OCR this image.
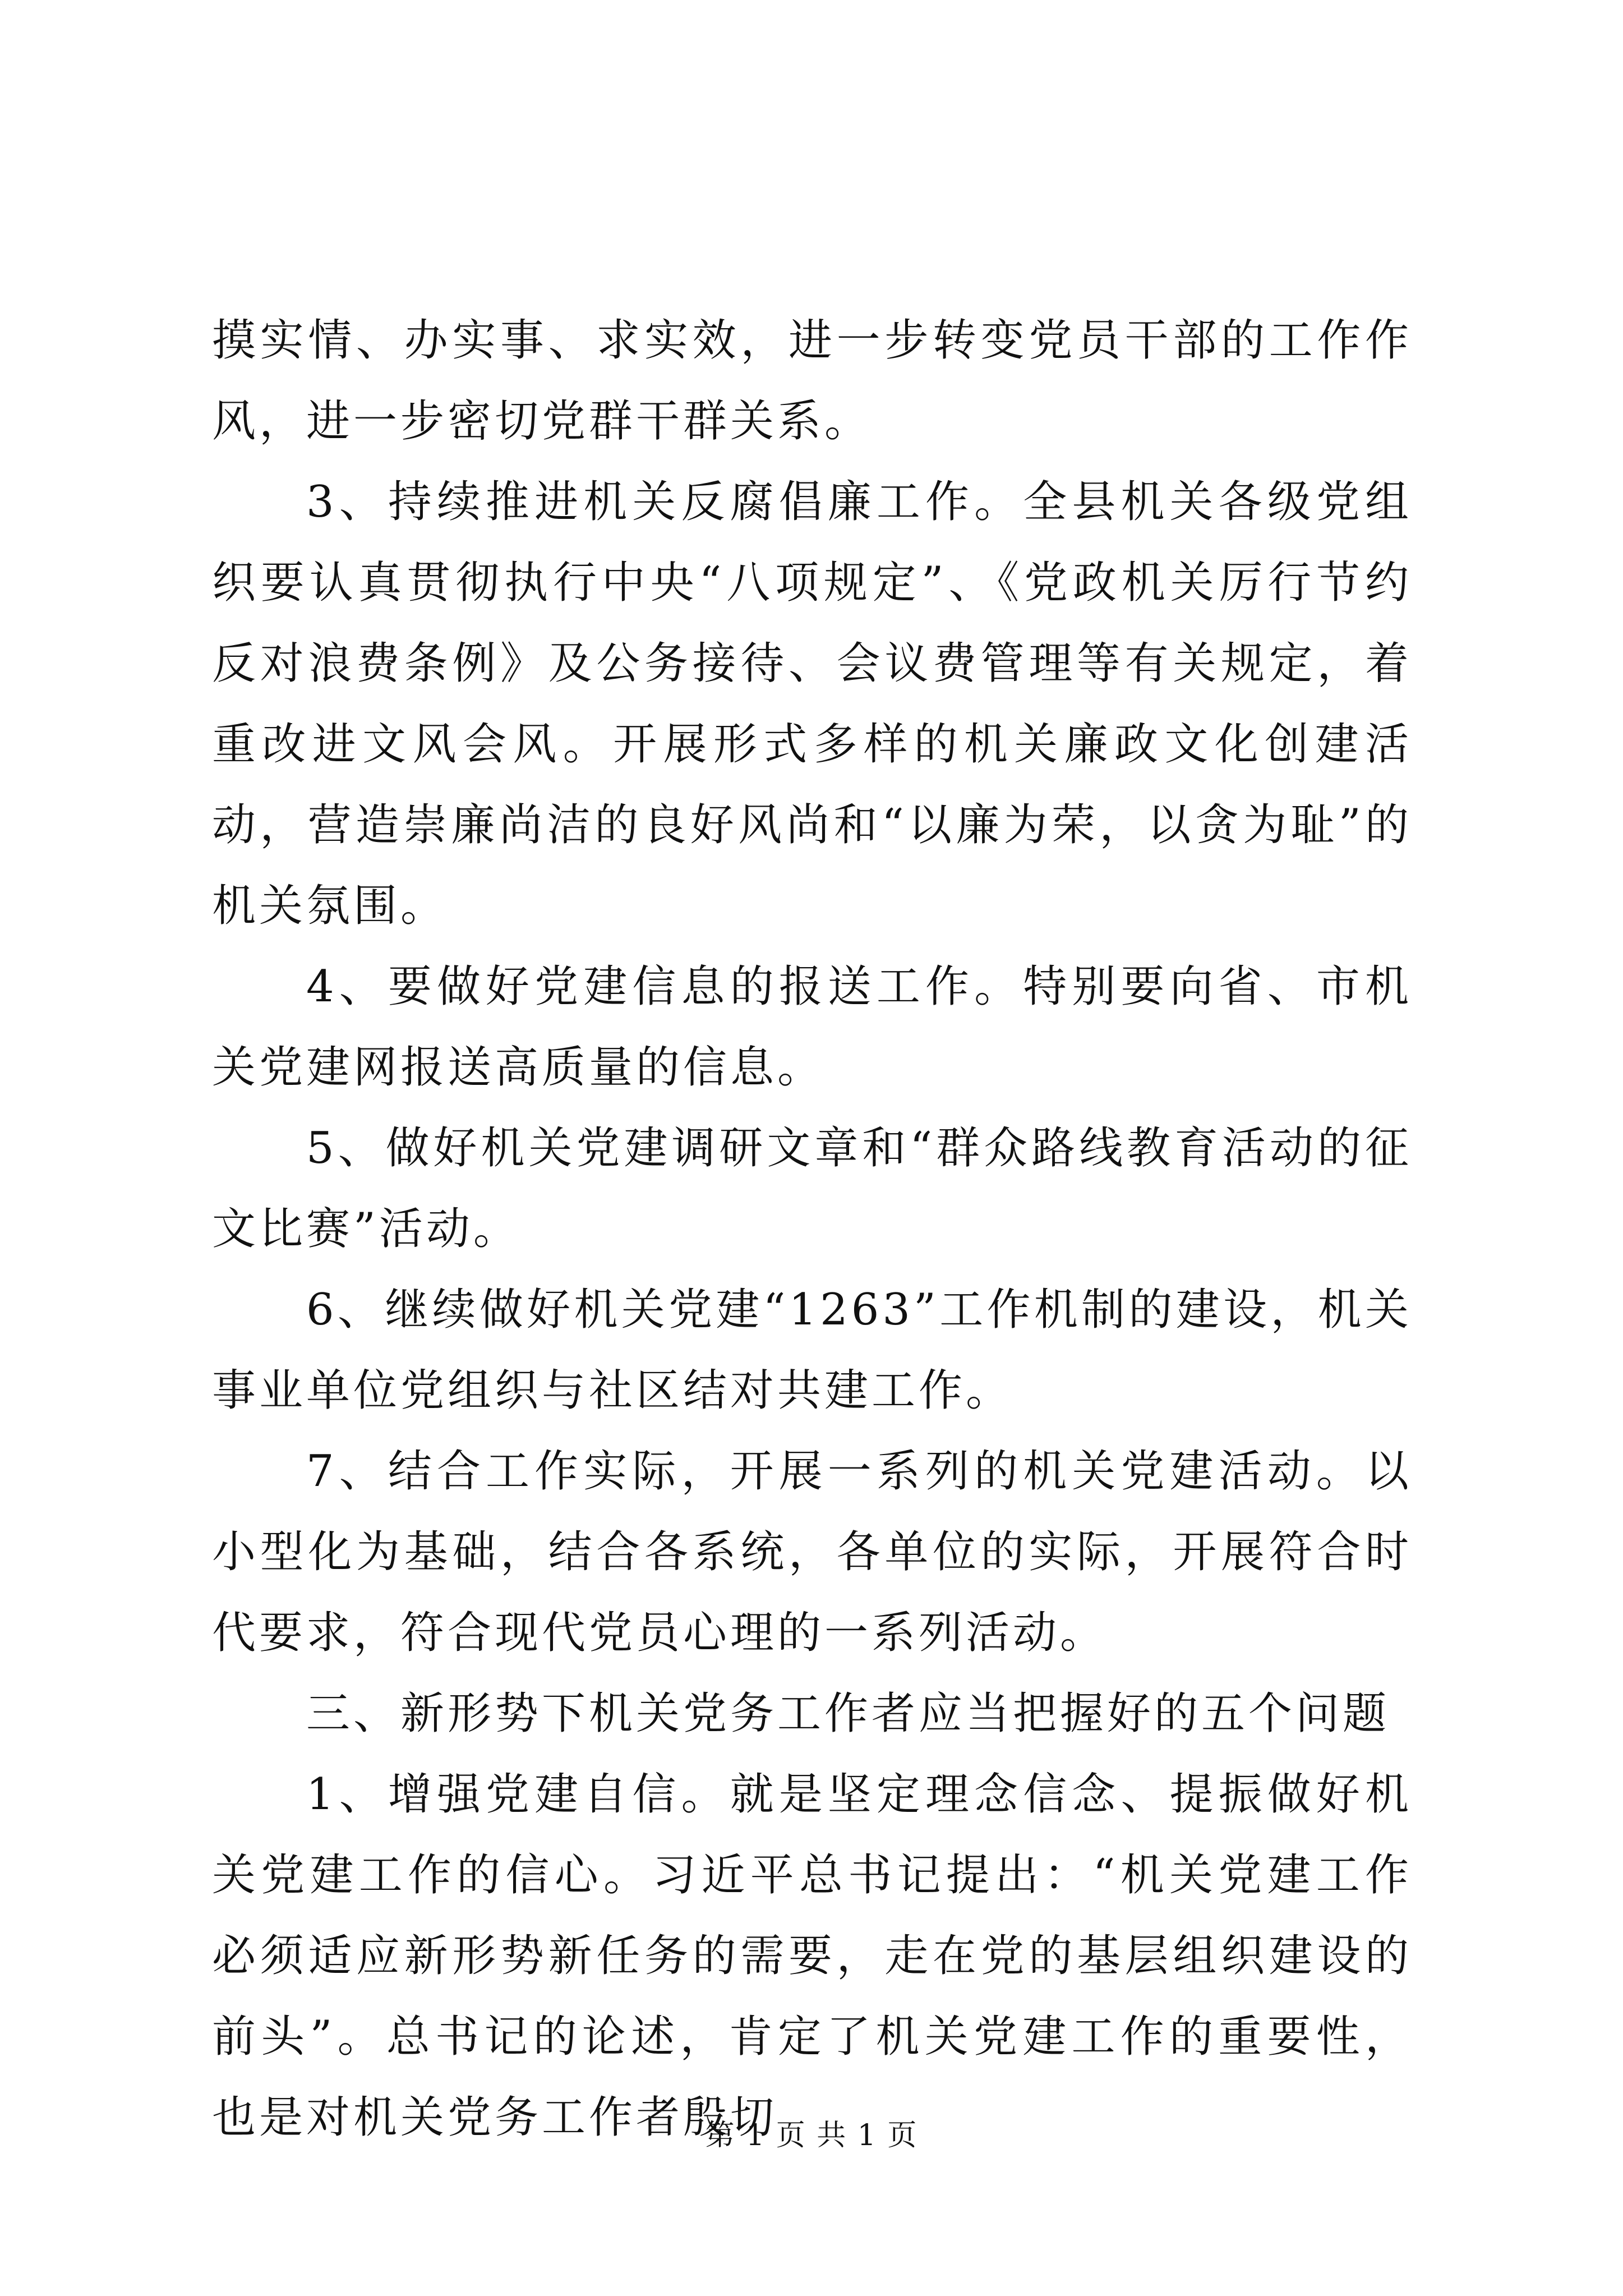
摸实情、办实事、求实效，进一步转变党员干部的工作作风，进一步密切党群干群关系。

3、持续推进机关反腐倡廉工作。全县机关各级党组织要认真贯彻执行中央“八项规定”、《党政机关厉行节约反对浪费条例》及公务接待、会议费管理等有关规定，着重改进文风会风。开展形式多样的机关廉政文化创建活动，营造崇廉尚洁的良好风尚和“以廉为荣，以贪为耻”的机关氛围。

4、要做好党建信息的报送工作。特别要向省、市机关党建网报送高质量的信息。

5、做好机关党建调研文章和“群众路线教育活动的征文比赛”活动。

6、继续做好机关党建“1263”工作机制的建设，机关事业单位党组织与社区结对共建工作。

7、结合工作实际，开展一系列的机关党建活动。以小型化为基础，结合各系统，各单位的实际，开展符合时代要求，符合现代党员心理的一系列活动。

三、新形势下机关党务工作者应当把握好的五个问题

1、增强党建自信。就是坚定理念信念、提振做好机关党建工作的信心。习近平总书记提出：“机关党建工作必须适应新形势新任务的需要，走在党的基层组织建设的前头”。总书记的论述，肯定了机关党建工作的重要性，也是对机关党务工作者殷切

第 1 页 共 1 页
